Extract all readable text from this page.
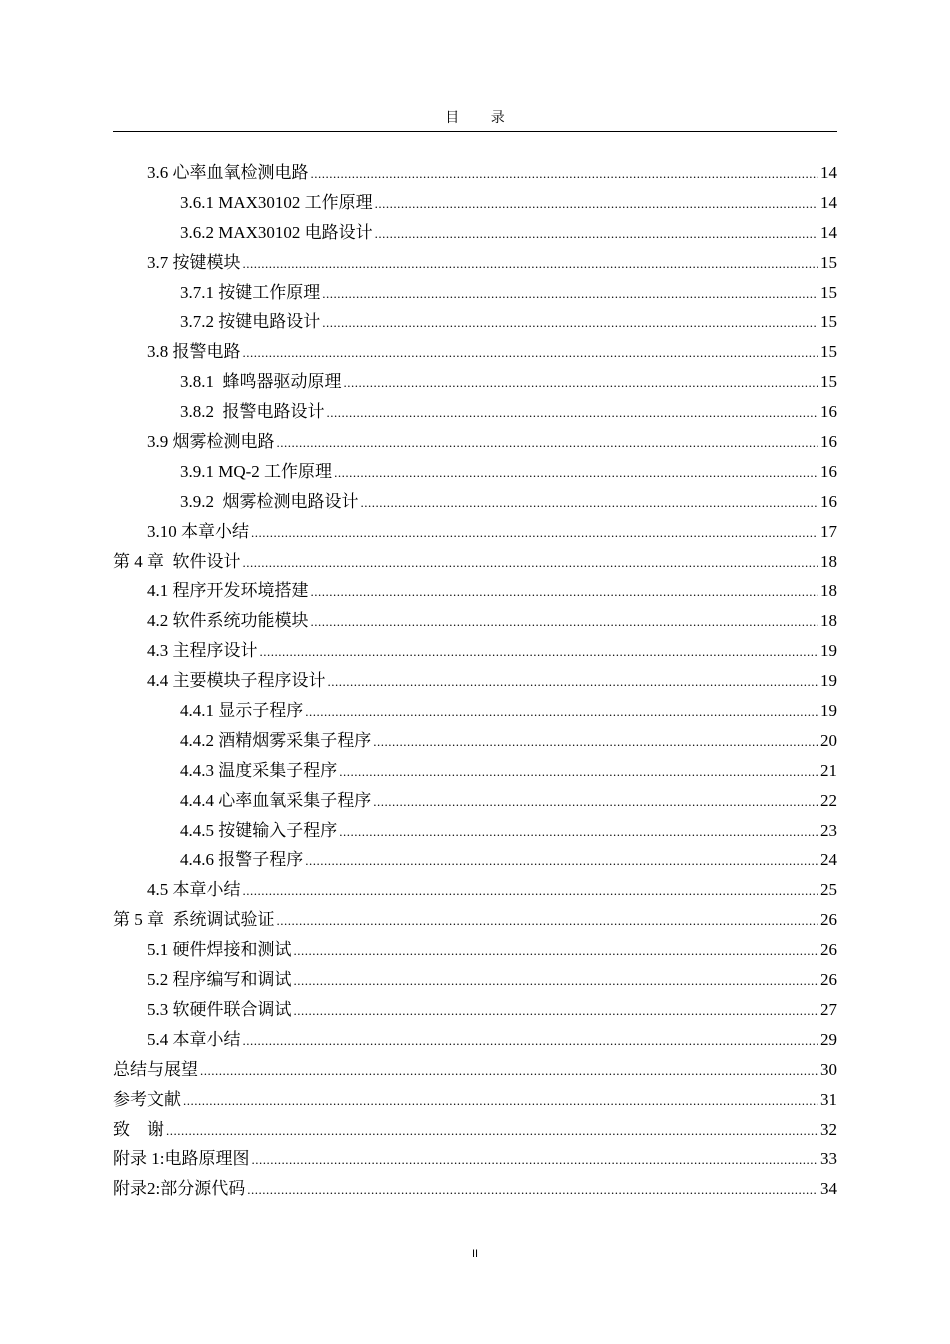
目 录
3.6 心率血氧检测电路 .....	14
3.6.1 MAX30102 工作原理 .....	14
3.6.2 MAX30102 电路设计 .....	14
3.7 按键模块 .....	15
3.7.1 按键工作原理 .....	15
3.7.2 按键电路设计 .....	15
3.8 报警电路 .....	15
3.8.1  蜂鸣器驱动原理 .....	15
3.8.2  报警电路设计 .....	16
3.9 烟雾检测电路 .....	16
3.9.1 MQ-2 工作原理 .....	16
3.9.2  烟雾检测电路设计 .....	16
3.10 本章小结 .....	17
第 4 章  软件设计 .....	18
4.1 程序开发环境搭建 .....	18
4.2 软件系统功能模块 .....	18
4.3 主程序设计 .....	19
4.4 主要模块子程序设计 .....	19
4.4.1 显示子程序 .....	19
4.4.2 酒精烟雾采集子程序 .....	20
4.4.3 温度采集子程序 .....	21
4.4.4 心率血氧采集子程序 .....	22
4.4.5 按键输入子程序 .....	23
4.4.6 报警子程序 .....	24
4.5 本章小结 .....	25
第 5 章  系统调试验证 .....	26
5.1 硬件焊接和测试 .....	26
5.2 程序编写和调试 .....	26
5.3 软硬件联合调试 .....	27
5.4 本章小结 .....	29
总结与展望 .....	30
参考文献 .....	31
致    谢 .....	32
附录 1:电路原理图 .....	33
附录2:部分源代码 .....	34
II
